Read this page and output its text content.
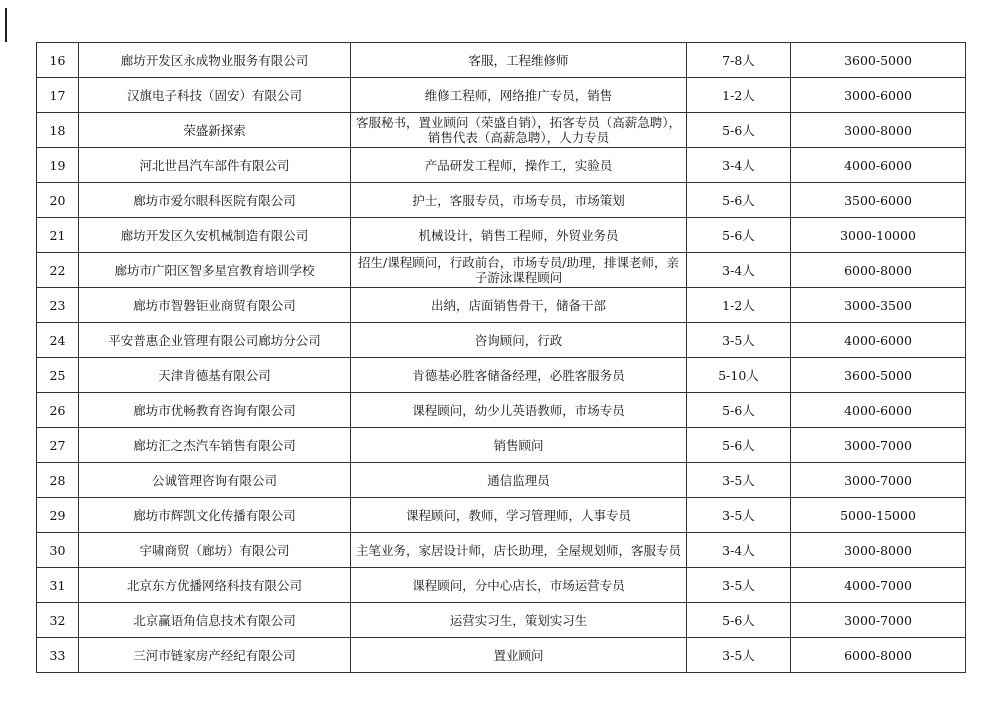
16	廊坊开发区永成物业服务有限公司	客服，工程维修师	7-8人	3600-5000
17	汉旗电子科技（固安）有限公司	维修工程师，网络推广专员，销售	1-2人	3000-6000
18	荣盛新探索	客服秘书，置业顾问（荣盛自销），拓客专员（高薪急聘），销售代表（高薪急聘），人力专员	5-6人	3000-8000
19	河北世昌汽车部件有限公司	产品研发工程师，操作工，实验员	3-4人	4000-6000
20	廊坊市爱尔眼科医院有限公司	护士，客服专员，市场专员，市场策划	5-6人	3500-6000
21	廊坊开发区久安机械制造有限公司	机械设计，销售工程师，外贸业务员	5-6人	3000-10000
22	廊坊市广阳区智多星宫教育培训学校	招生/课程顾问，行政前台，市场专员/助理，排课老师，亲子游泳课程顾问	3-4人	6000-8000
23	廊坊市智磐钜业商贸有限公司	出纳，店面销售骨干，储备干部	1-2人	3000-3500
24	平安普惠企业管理有限公司廊坊分公司	咨询顾问，行政	3-5人	4000-6000
25	天津肯德基有限公司	肯德基必胜客储备经理，必胜客服务员	5-10人	3600-5000
26	廊坊市优畅教育咨询有限公司	课程顾问，幼少儿英语教师，市场专员	5-6人	4000-6000
27	廊坊汇之杰汽车销售有限公司	销售顾问	5-6人	3000-7000
28	公诚管理咨询有限公司	通信监理员	3-5人	3000-7000
29	廊坊市辉凯文化传播有限公司	课程顾问，教师，学习管理师，人事专员	3-5人	5000-15000
30	宇啸商贸（廊坊）有限公司	主笔业务，家居设计师，店长助理，全屋规划师，客服专员	3-4人	3000-8000
31	北京东方优播网络科技有限公司	课程顾问，分中心店长，市场运营专员	3-5人	4000-7000
32	北京赢语角信息技术有限公司	运营实习生，策划实习生	5-6人	3000-7000
33	三河市链家房产经纪有限公司	置业顾问	3-5人	6000-8000
